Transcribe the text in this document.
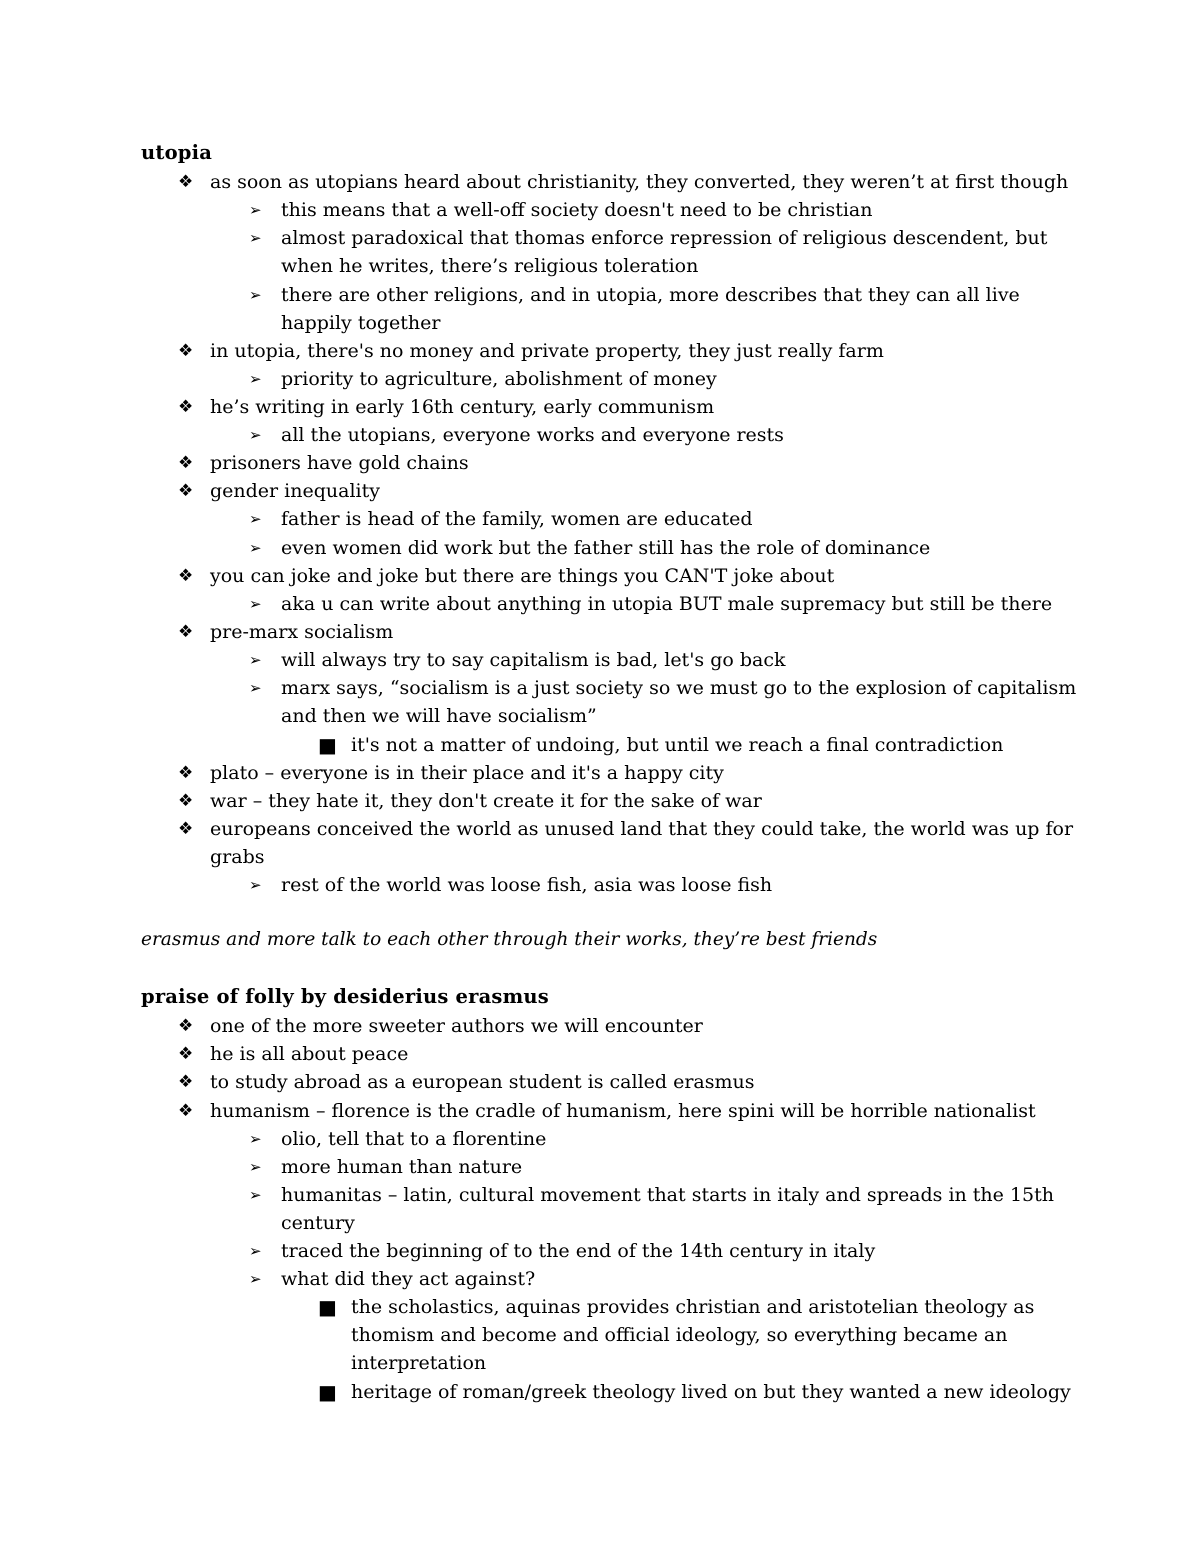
utopia
❖ as soon as utopians heard about christianity, they converted, they weren’t at first though
➢ this means that a well-off society doesn't need to be christian
➢ almost paradoxical that thomas enforce repression of religious descendent, but when he writes, there’s religious toleration
➢ there are other religions, and in utopia, more describes that they can all live happily together
❖ in utopia, there's no money and private property, they just really farm
➢ priority to agriculture, abolishment of money
❖ he’s writing in early 16th century, early communism
➢ all the utopians, everyone works and everyone rests
❖ prisoners have gold chains
❖ gender inequality
➢ father is head of the family, women are educated
➢ even women did work but the father still has the role of dominance
❖ you can joke and joke but there are things you CAN'T joke about
➢ aka u can write about anything in utopia BUT male supremacy but still be there
❖ pre-marx socialism
➢ will always try to say capitalism is bad, let's go back
➢ marx says, “socialism is a just society so we must go to the explosion of capitalism and then we will have socialism”
■ it's not a matter of undoing, but until we reach a final contradiction
❖ plato – everyone is in their place and it's a happy city
❖ war – they hate it, they don't create it for the sake of war
❖ europeans conceived the world as unused land that they could take, the world was up for grabs
➢ rest of the world was loose fish, asia was loose fish
erasmus and more talk to each other through their works, they’re best friends
praise of folly by desiderius erasmus
❖ one of the more sweeter authors we will encounter
❖ he is all about peace
❖ to study abroad as a european student is called erasmus
❖ humanism – florence is the cradle of humanism, here spini will be horrible nationalist
➢ olio, tell that to a florentine
➢ more human than nature
➢ humanitas – latin, cultural movement that starts in italy and spreads in the 15th century
➢ traced the beginning of to the end of the 14th century in italy
➢ what did they act against?
■ the scholastics, aquinas provides christian and aristotelian theology as thomism and become and official ideology, so everything became an interpretation
■ heritage of roman/greek theology lived on but they wanted a new ideology
